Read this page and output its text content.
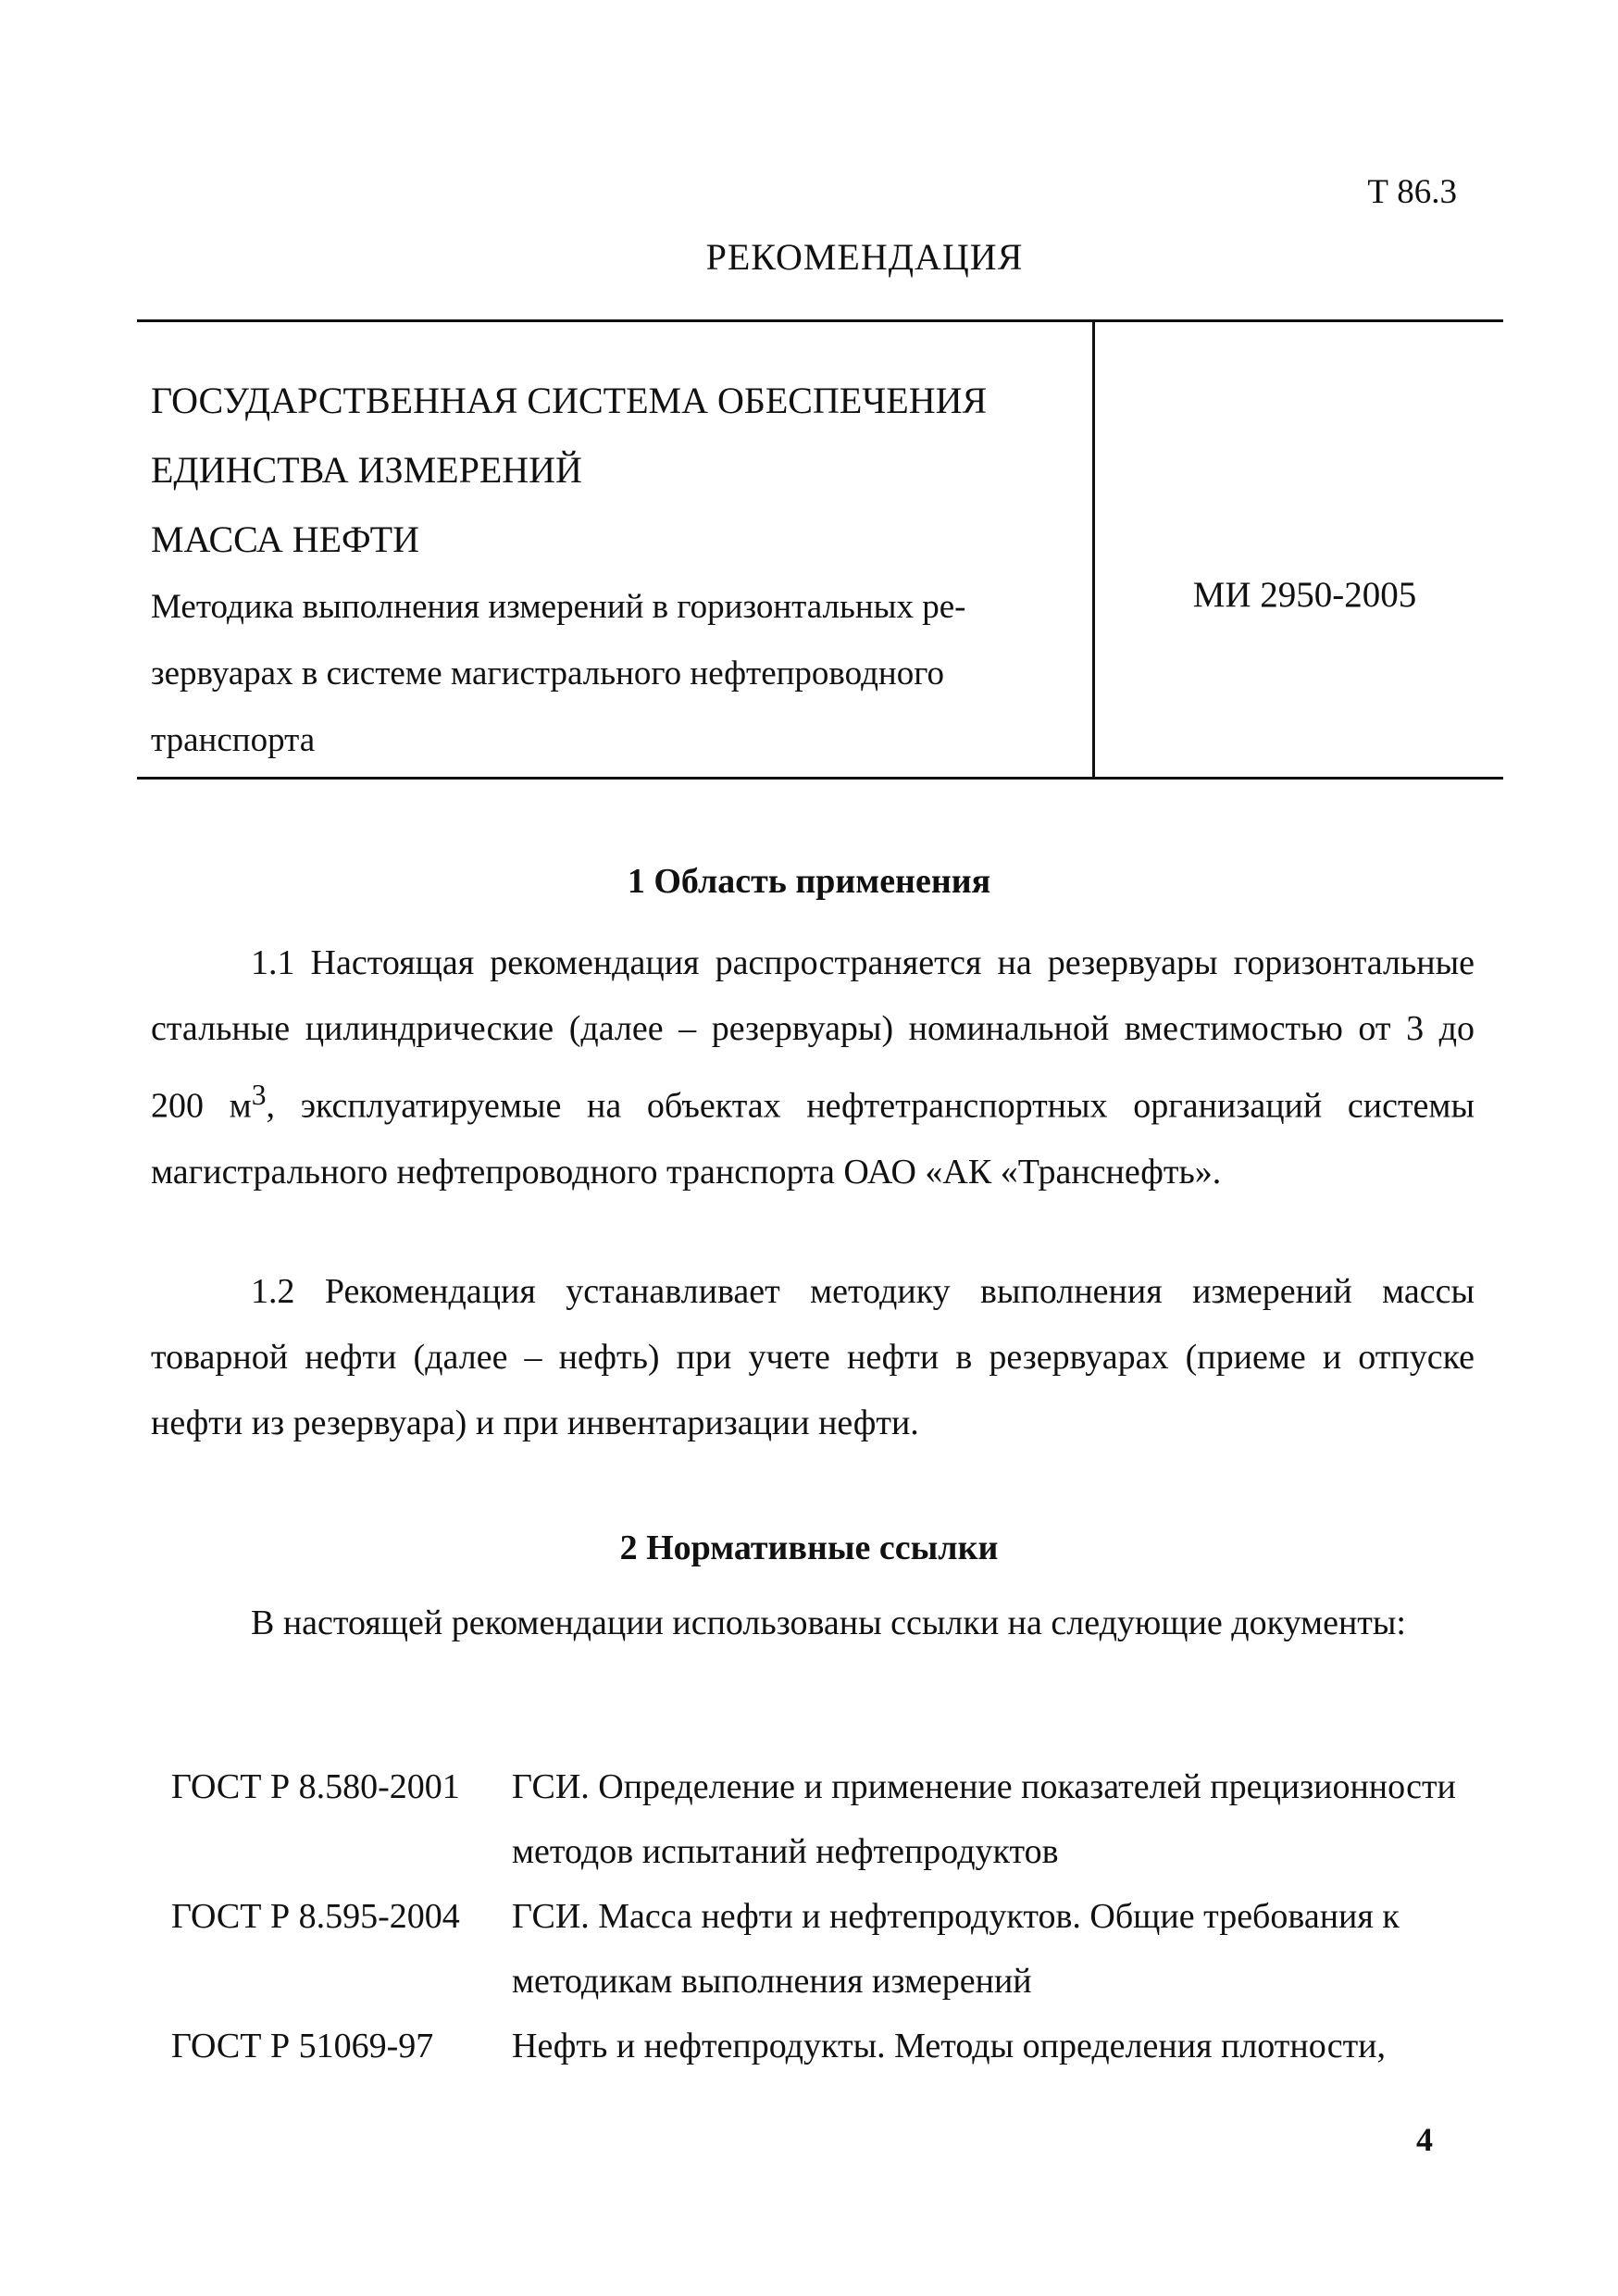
Т 86.3
РЕКОМЕНДАЦИЯ
ГОСУДАРСТВЕННАЯ СИСТЕМА ОБЕСПЕЧЕНИЯ
ЕДИНСТВА ИЗМЕРЕНИЙ
МАССА НЕФТИ
Методика выполнения измерений в горизонтальных ре-
зервуарах в системе магистрального нефтепроводного
транспорта
МИ 2950-2005
1 Область применения
1.1 Настоящая рекомендация распространяется на резервуары горизонтальные стальные цилиндрические (далее – резервуары) номинальной вместимостью от 3 до 200 $м^3$, эксплуатируемые на объектах нефтетранспортных организаций системы магистрального нефтепроводного транспорта ОАО «АК «Транснефть».
1.2 Рекомендация устанавливает методику выполнения измерений массы товарной нефти (далее – нефть) при учете нефти в резервуарах (приеме и отпуске нефти из резервуара) и при инвентаризации нефти.
2 Нормативные ссылки
В настоящей рекомендации использованы ссылки на следующие документы:
ГОСТ Р 8.580-2001	ГСИ. Определение и применение показателей прецизионности методов испытаний нефтепродуктов
ГОСТ Р 8.595-2004	ГСИ. Масса нефти и нефтепродуктов. Общие требования к методикам выполнения измерений
ГОСТ Р 51069-97	Нефть и нефтепродукты. Методы определения плотности,
4
